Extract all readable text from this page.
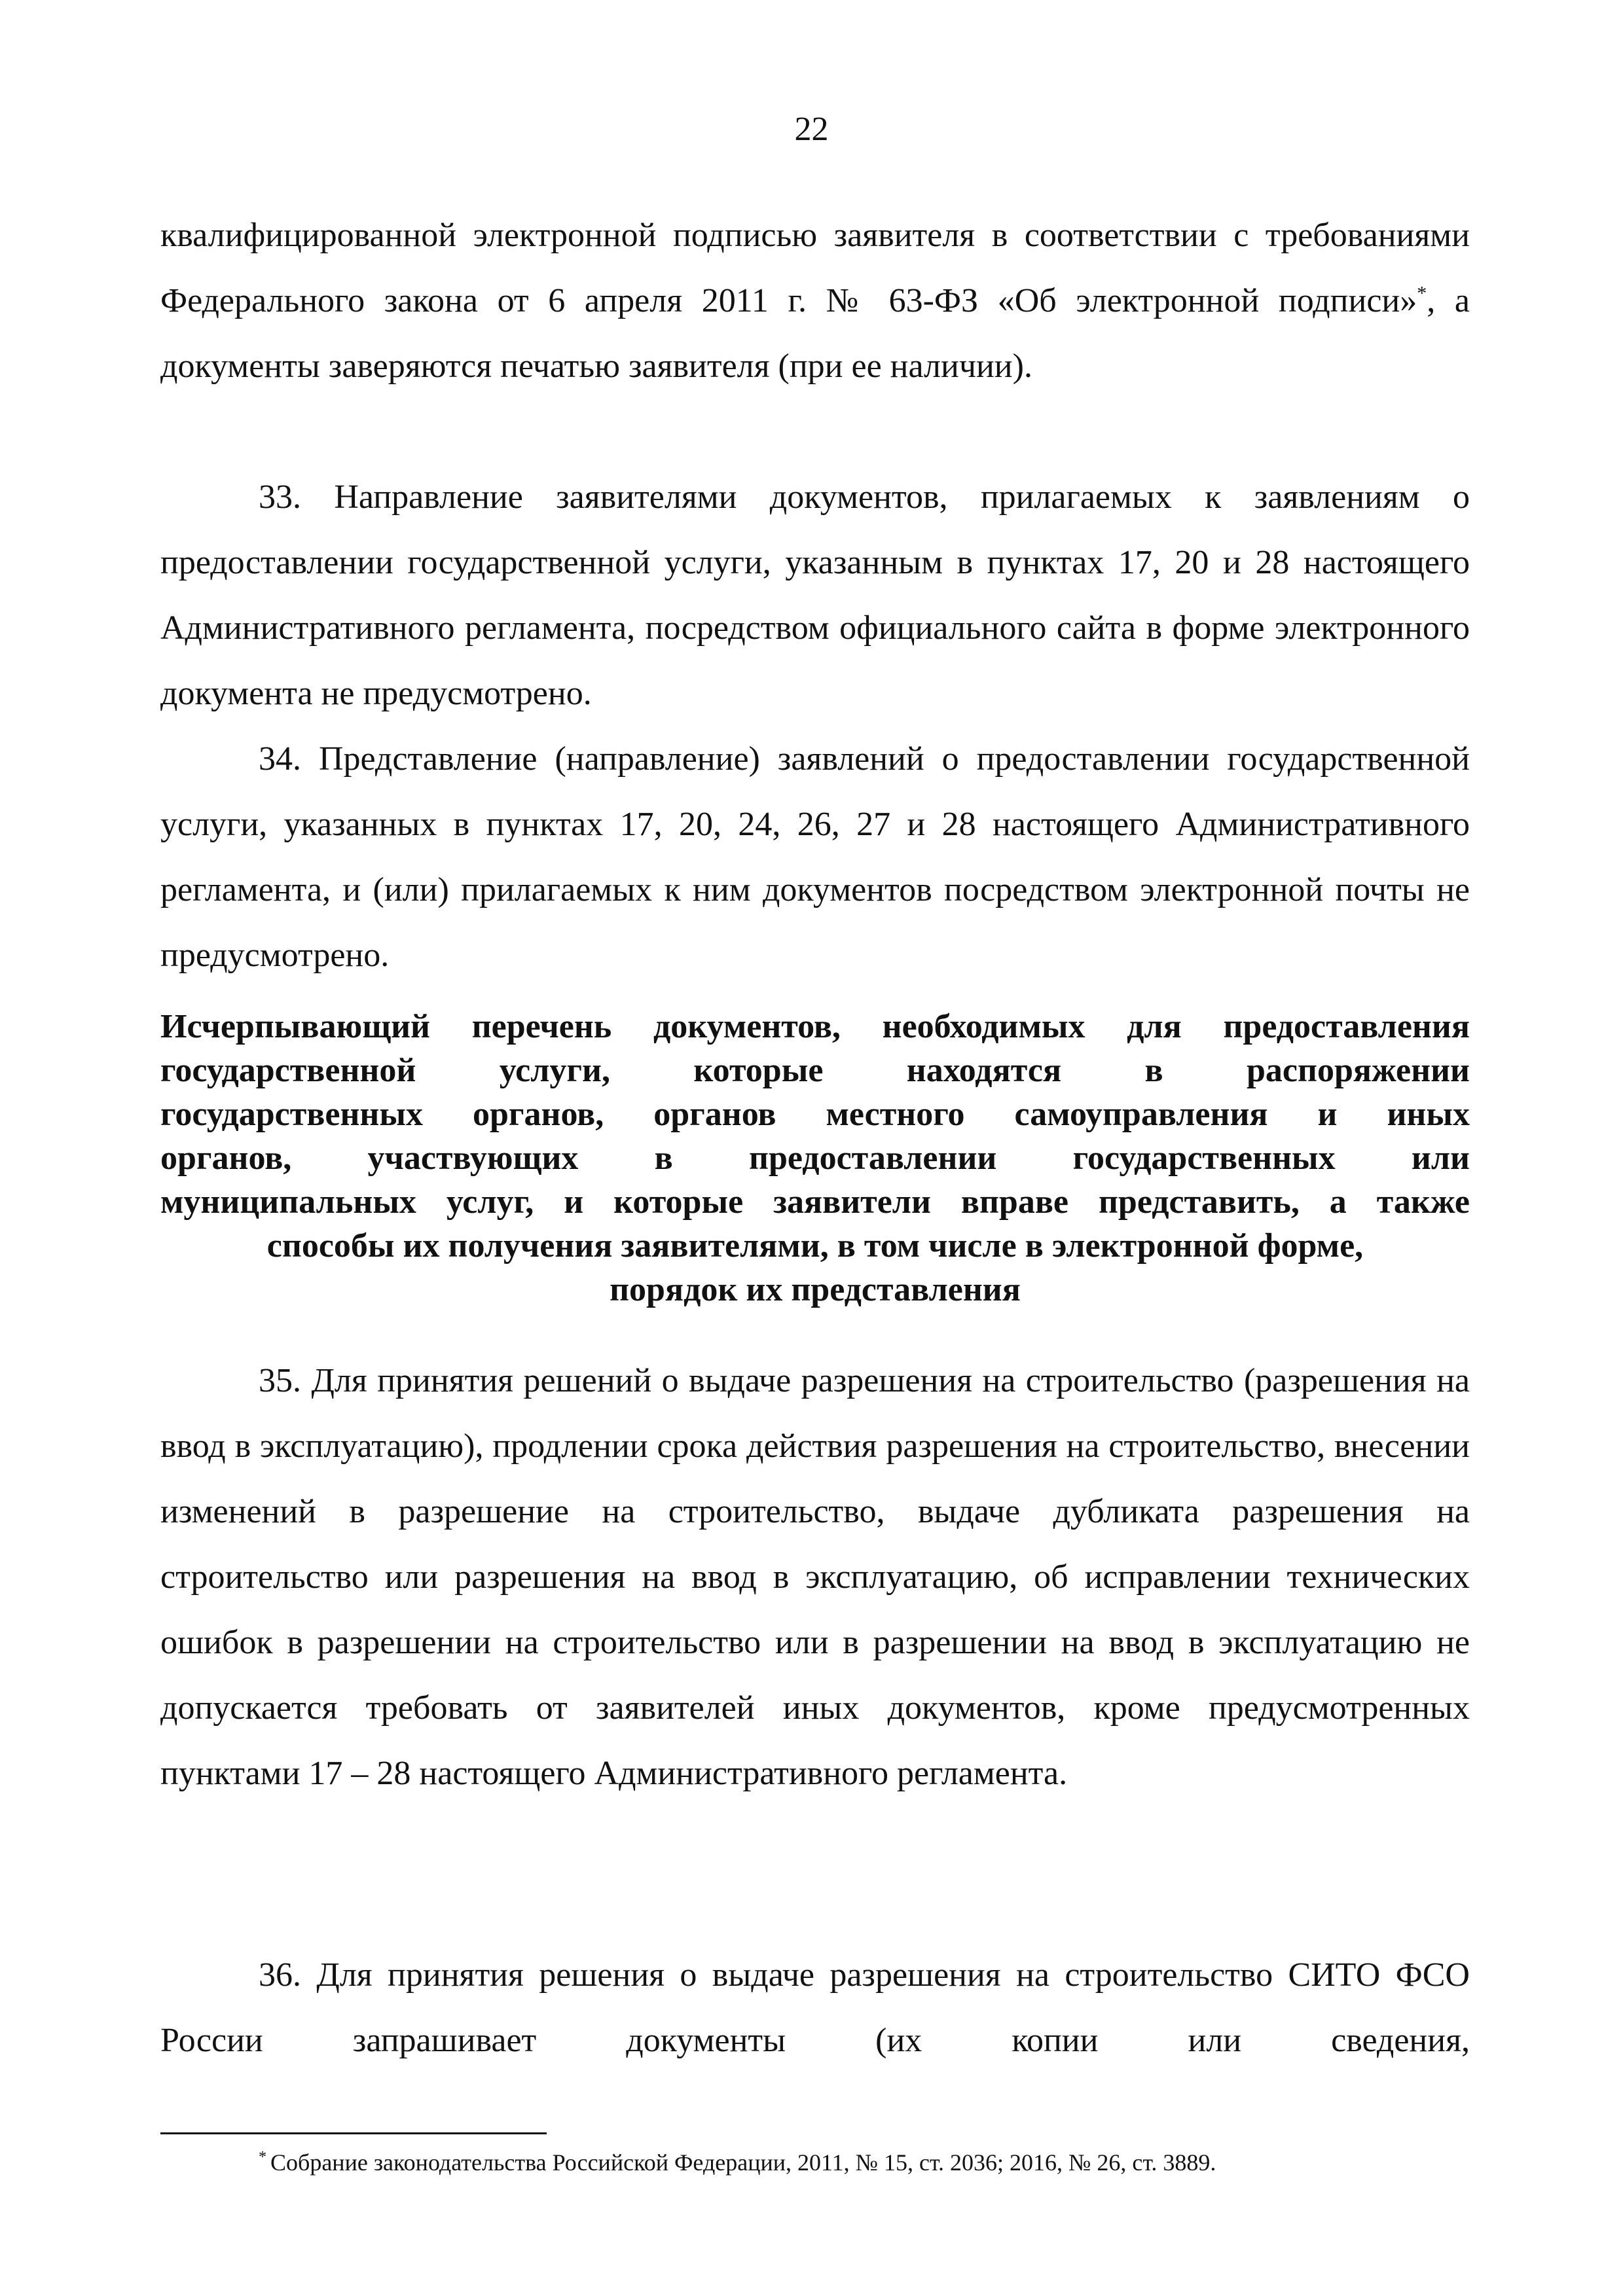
22

квалифицированной электронной подписью заявителя в соответствии с требованиями Федерального закона от 6 апреля 2011 г. № 63-ФЗ «Об электронной подписи»*, а документы заверяются печатью заявителя (при ее наличии).

33. Направление заявителями документов, прилагаемых к заявлениям о предоставлении государственной услуги, указанным в пунктах 17, 20 и 28 настоящего Административного регламента, посредством официального сайта в форме электронного документа не предусмотрено.

34. Представление (направление) заявлений о предоставлении государственной услуги, указанных в пунктах 17, 20, 24, 26, 27 и 28 настоящего Административного регламента, и (или) прилагаемых к ним документов посредством электронной почты не предусмотрено.

Исчерпывающий перечень документов, необходимых для предоставления
государственной услуги, которые находятся в распоряжении
государственных органов, органов местного самоуправления и иных
органов, участвующих в предоставлении государственных или
муниципальных услуг, и которые заявители вправе представить, а также
способы их получения заявителями, в том числе в электронной форме,
порядок их представления

35. Для принятия решений о выдаче разрешения на строительство (разрешения на ввод в эксплуатацию), продлении срока действия разрешения на строительство, внесении изменений в разрешение на строительство, выдаче дубликата разрешения на строительство или разрешения на ввод в эксплуатацию, об исправлении технических ошибок в разрешении на строительство или в разрешении на ввод в эксплуатацию не допускается требовать от заявителей иных документов, кроме предусмотренных пунктами 17 – 28 настоящего Административного регламента.

36. Для принятия решения о выдаче разрешения на строительство СИТО ФСО России запрашивает документы (их копии или сведения,

* Собрание законодательства Российской Федерации, 2011, № 15, ст. 2036; 2016, № 26, ст. 3889.
